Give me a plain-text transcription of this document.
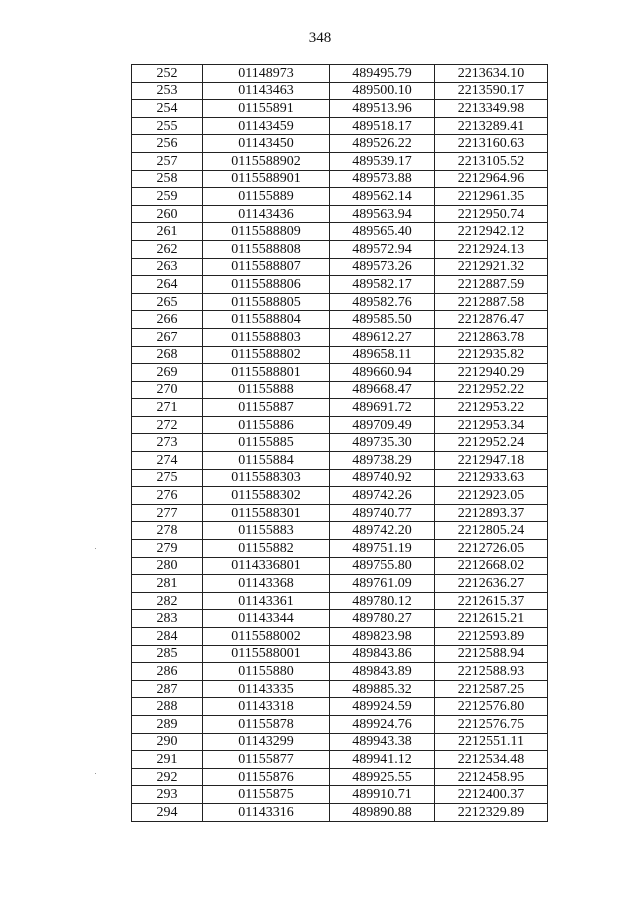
348
252	01148973	489495.79	2213634.10
253	01143463	489500.10	2213590.17
254	01155891	489513.96	2213349.98
255	01143459	489518.17	2213289.41
256	01143450	489526.22	2213160.63
257	0115588902	489539.17	2213105.52
258	0115588901	489573.88	2212964.96
259	01155889	489562.14	2212961.35
260	01143436	489563.94	2212950.74
261	0115588809	489565.40	2212942.12
262	0115588808	489572.94	2212924.13
263	0115588807	489573.26	2212921.32
264	0115588806	489582.17	2212887.59
265	0115588805	489582.76	2212887.58
266	0115588804	489585.50	2212876.47
267	0115588803	489612.27	2212863.78
268	0115588802	489658.11	2212935.82
269	0115588801	489660.94	2212940.29
270	01155888	489668.47	2212952.22
271	01155887	489691.72	2212953.22
272	01155886	489709.49	2212953.34
273	01155885	489735.30	2212952.24
274	01155884	489738.29	2212947.18
275	0115588303	489740.92	2212933.63
276	0115588302	489742.26	2212923.05
277	0115588301	489740.77	2212893.37
278	01155883	489742.20	2212805.24
279	01155882	489751.19	2212726.05
280	0114336801	489755.80	2212668.02
281	01143368	489761.09	2212636.27
282	01143361	489780.12	2212615.37
283	01143344	489780.27	2212615.21
284	0115588002	489823.98	2212593.89
285	0115588001	489843.86	2212588.94
286	01155880	489843.89	2212588.93
287	01143335	489885.32	2212587.25
288	01143318	489924.59	2212576.80
289	01155878	489924.76	2212576.75
290	01143299	489943.38	2212551.11
291	01155877	489941.12	2212534.48
292	01155876	489925.55	2212458.95
293	01155875	489910.71	2212400.37
294	01143316	489890.88	2212329.89
